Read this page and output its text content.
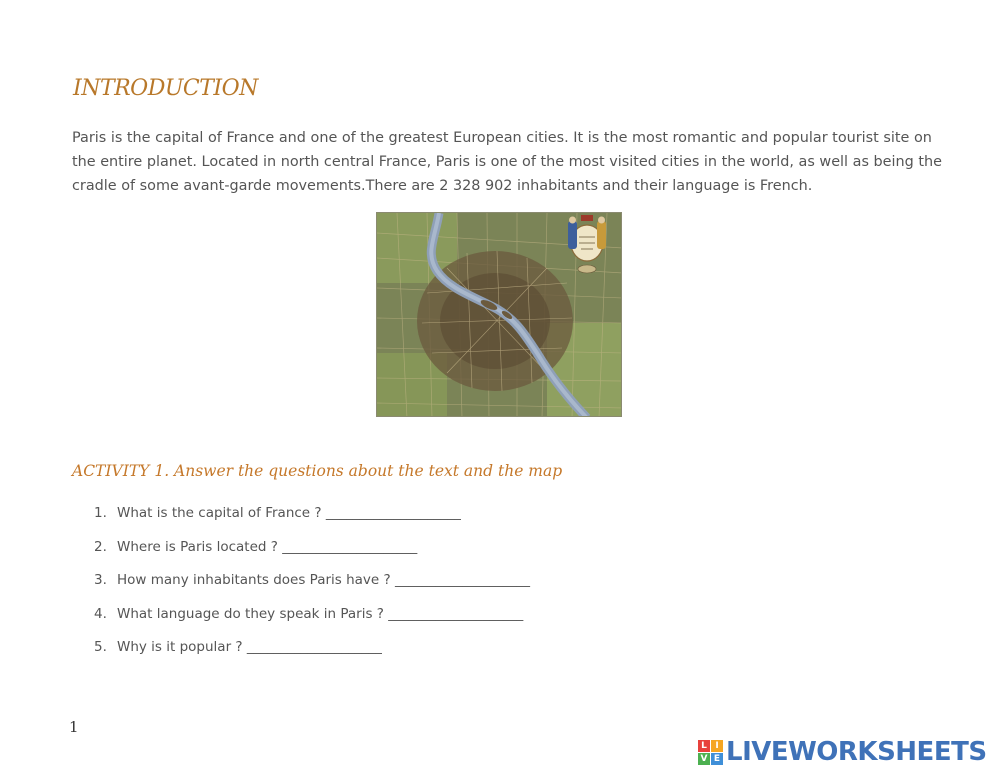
INTRODUCTION

Paris is the capital of France and one of the greatest European cities. It is the most romantic and popular tourist site on the entire planet. Located in north central France, Paris is one of the most visited cities in the world, as well as being the cradle of some avant-garde movements.There are 2 328 902 inhabitants and their language is French.

ACTIVITY 1. Answer the questions about the text and the map
1. What is the capital of France ? ____________________
2. Where is Paris located ? ____________________
3. How many inhabitants does Paris have ? ____________________
4. What language do they speak in Paris ? ____________________
5. Why is it popular ? ____________________
1
L I
V E LIVEWORKSHEETS
